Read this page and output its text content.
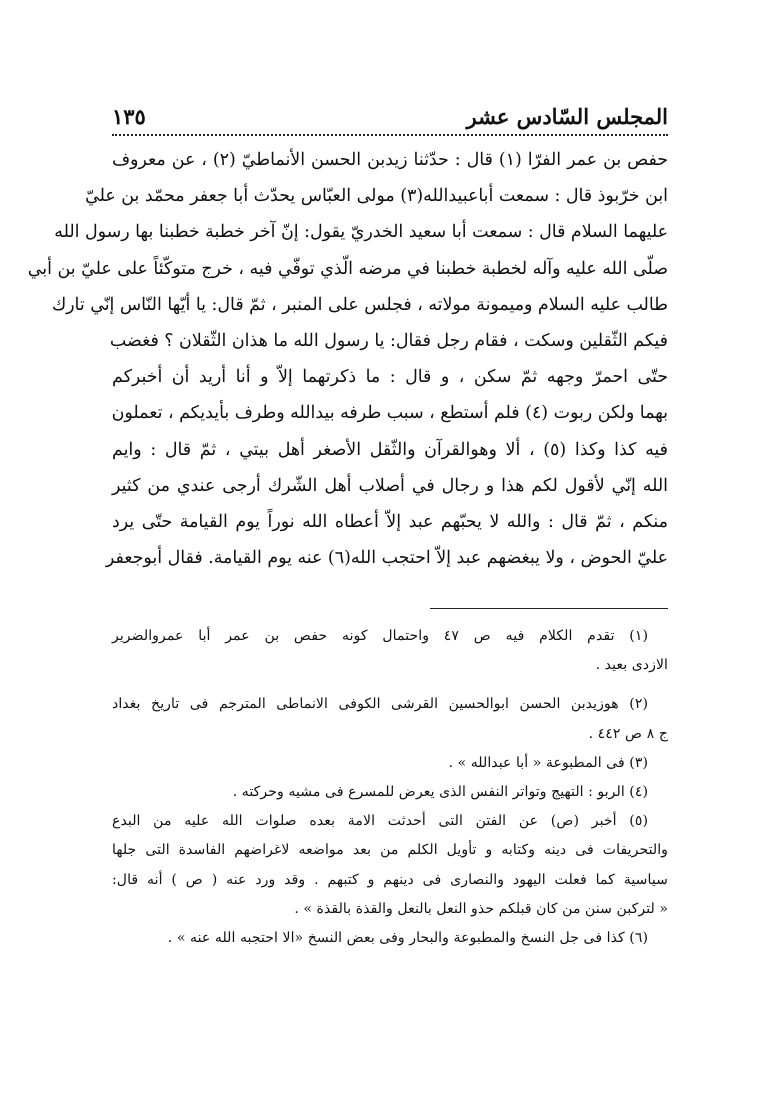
المجلس السّادس عشر
١٣٥
حفص بن عمر الفرّا (١) قال : حدّثنا زيدبن الحسن الأنماطيّ (٢) ، عن معروف
ابن خرّبوذ قال : سمعت أباعبيدالله(٣) مولى العبّاس يحدّث أبا جعفر محمّد بن عليّ
عليهما السلام قال : سمعت أبا سعيد الخدريّ يقول: إنّ آخر خطبة خطبنا بها رسول الله
صلّى الله عليه وآله لخطبة خطبنا في مرضه الّذي توفّي فيه ، خرج متوكّئاً على عليّ بن أبي
طالب عليه السلام وميمونة مولاته ، فجلس على المنبر ، ثمّ قال: يا أيّها النّاس إنّي تارك
فيكم الثّقلين وسكت ، فقام رجل فقال: يا رسول الله ما هذان الثّقلان ؟ فغضب
حتّى احمرّ وجهه ثمّ سكن ، و قال : ما ذكرتهما إلاّ و أنا أريد أن أخبركم
بهما ولكن ربوت (٤) فلم أستطع ، سبب طرفه بيدالله وطرف بأيديكم ، تعملون
فيه كذا وكذا (٥) ، ألا وهوالقرآن والثّقل الأصغر أهل بيتي ، ثمّ قال : وايم
الله إنّي لأقول لكم هذا و رجال في أصلاب أهل الشّرك أرجى عندي من كثير
منكم ، ثمّ قال : والله لا يحبّهم عبد إلاّ أعطاه الله نوراً يوم القيامة حتّى يرد
عليّ الحوض ، ولا يبغضهم عبد إلاّ احتجب الله(٦) عنه يوم القيامة. فقال أبوجعفر
(١) تقدم الكلام فيه ص ٤٧ واحتمال كونه حفص بن عمر أبا عمروالضرير
الازدى بعيد .
(٢) هوزيدبن الحسن ابوالحسين القرشى الكوفى الانماطى المترجم فى تاريخ بغداد
ج ٨ ص ٤٤٢ .
(٣) فى المطبوعة « أبا عبدالله » .
(٤) الربو : التهيج وتواتر النفس الذى يعرض للمسرع فى مشيه وحركته .
(٥) أخبر (ص) عن الفتن التى أحدثت الامة بعده صلوات الله عليه من البدع
والتحريفات فى دينه وكتابه و تأويل الكلم من بعد مواضعه لاغراضهم الفاسدة التى جلها
سياسية كما فعلت اليهود والنصارى فى دينهم و كتبهم . وقد ورد عنه ( ص ) أنه قال:
« لتركبن سنن من كان قبلكم حذو النعل بالنعل والقذة بالقذة » .
(٦) كذا فى جل النسخ والمطبوعة والبحار وفى بعض النسخ «الا احتجبه الله عنه » .
